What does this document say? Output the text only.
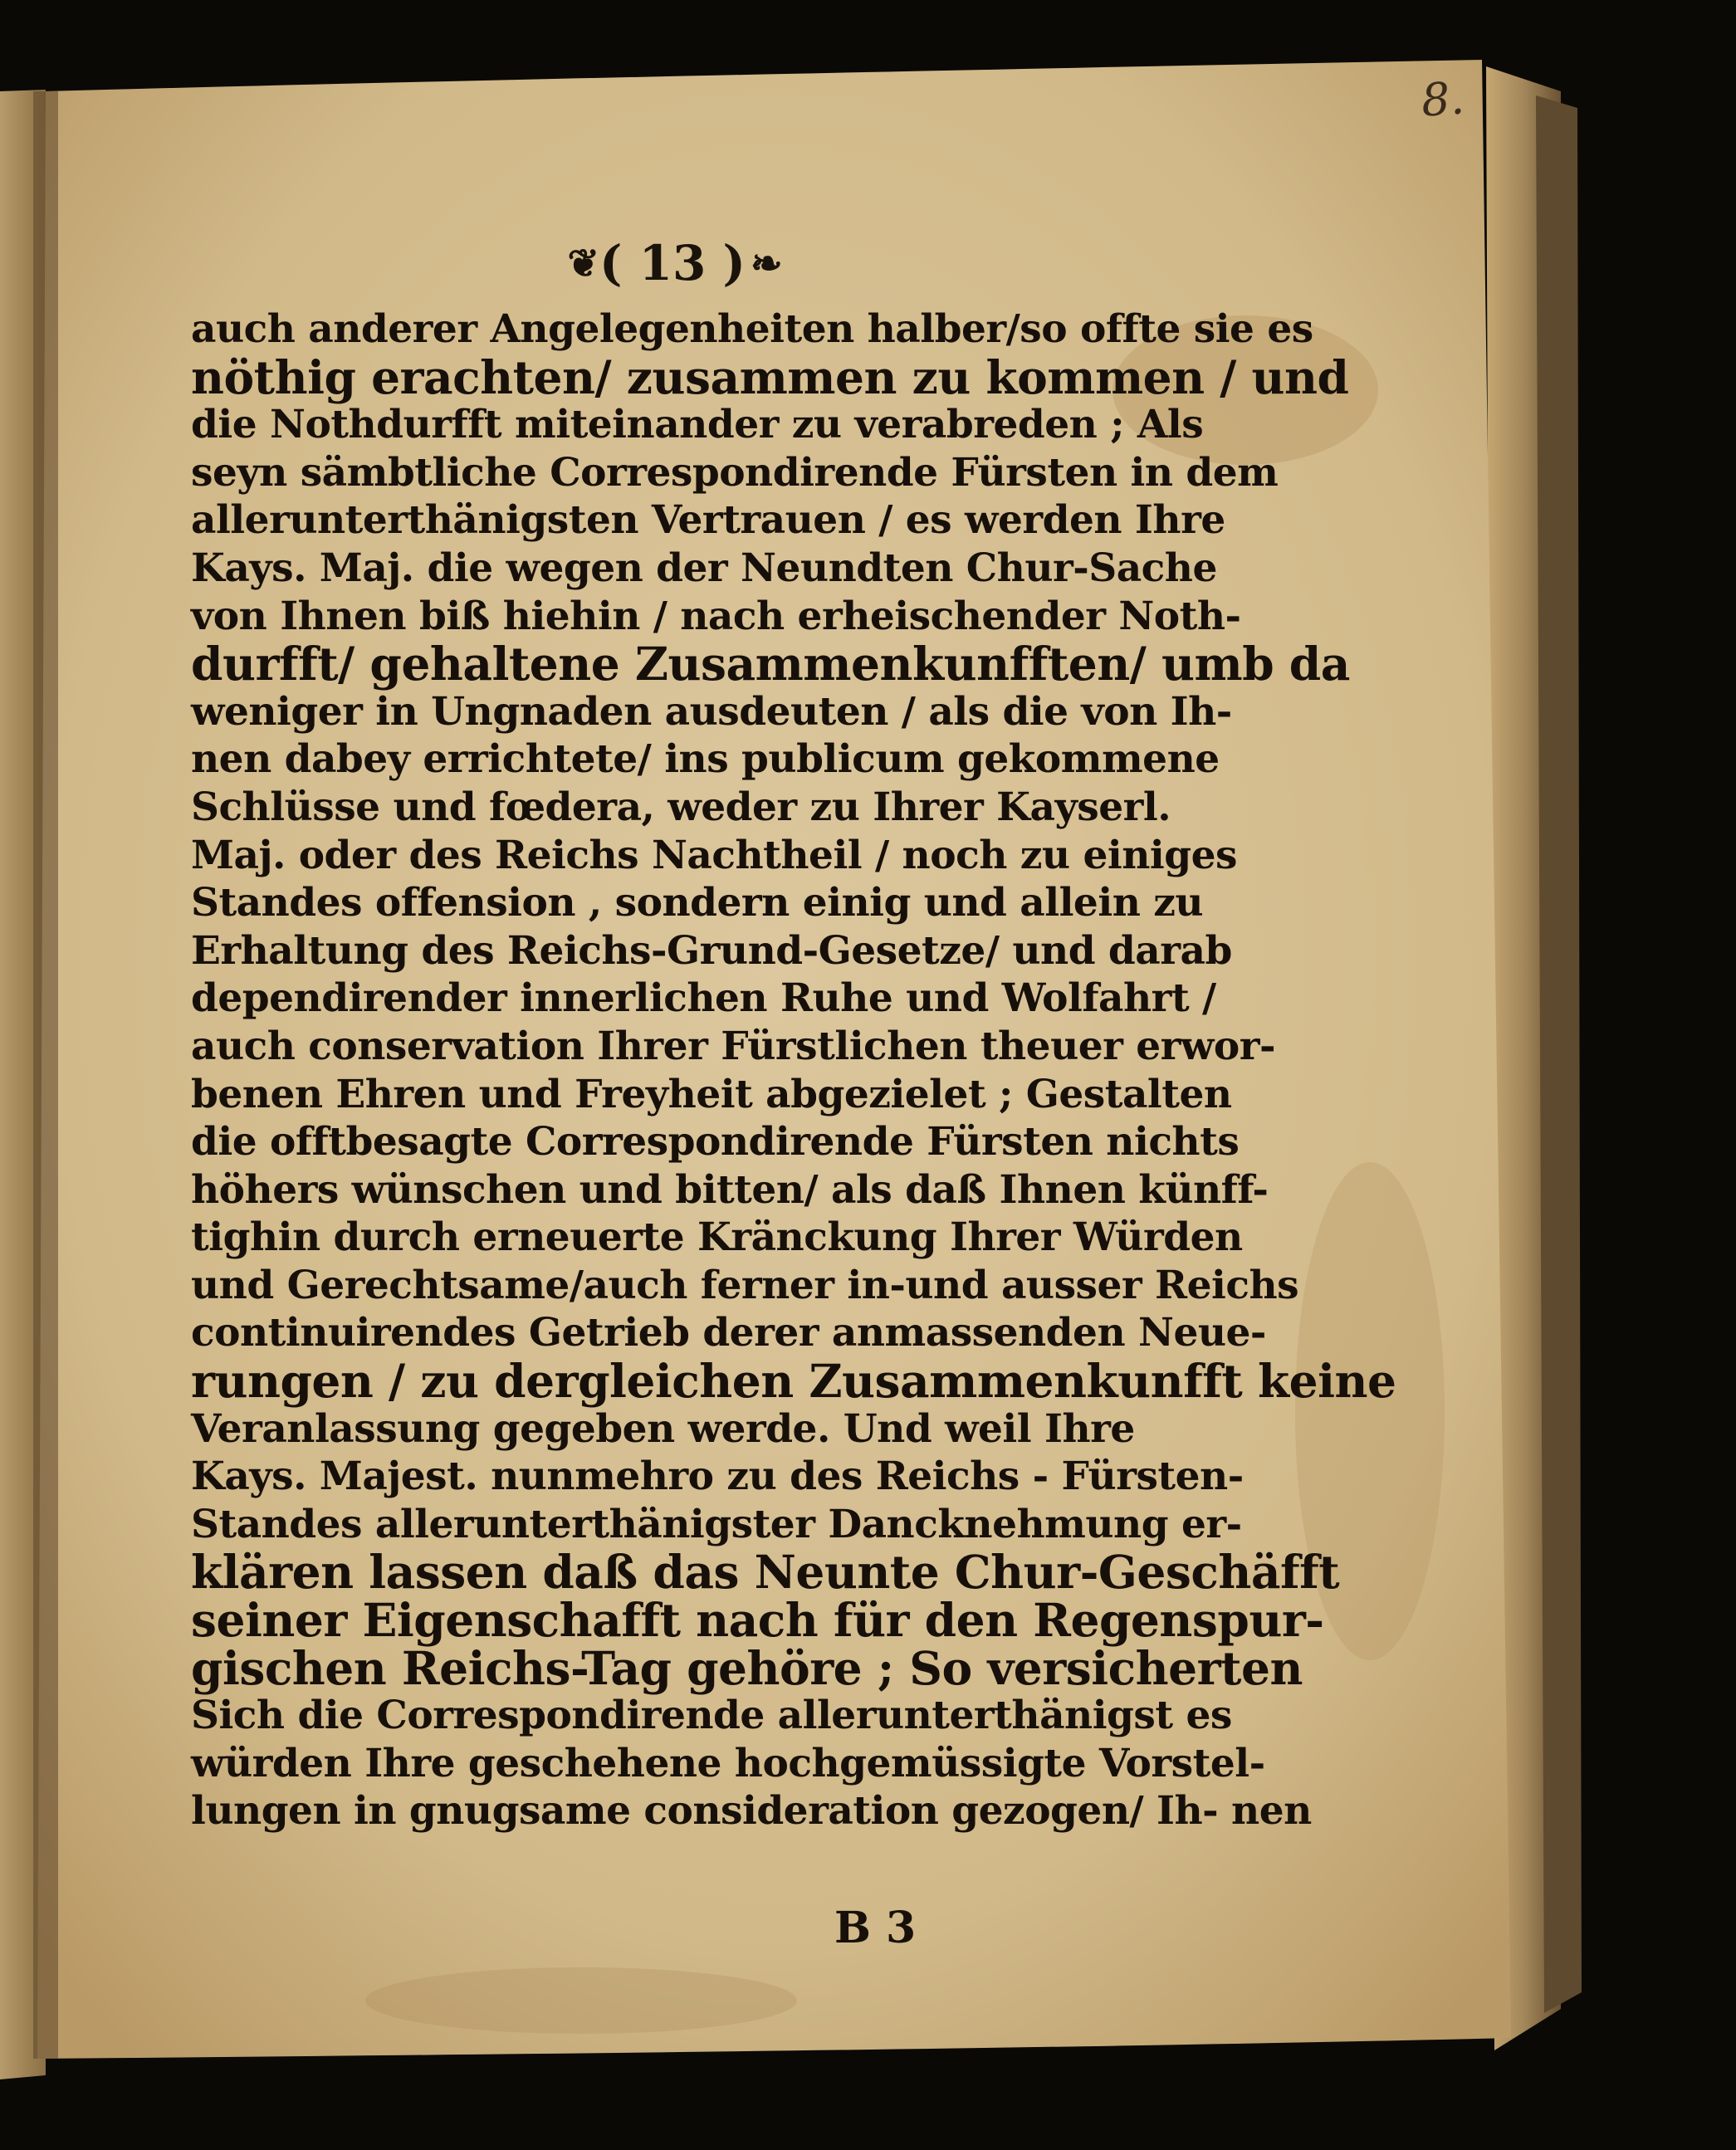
8.
❦ ( 13 ) ❧
auch anderer Angelegenheiten halber/so offte sie es
nöthig erachten/ zusammen zu kommen / und
die Nothdurfft miteinander zu verabreden ; Als
seyn sämbtliche Correspondirende Fürsten in dem
allerunterthänigsten Vertrauen / es werden Ihre
Kays. Maj. die wegen der Neundten Chur-Sache
von Ihnen biß hiehin / nach erheischender Noth-
durfft/ gehaltene Zusammenkunfften/ umb da
weniger in Ungnaden ausdeuten / als die von Ih-
nen dabey errichtete/ ins publicum gekommene
Schlüsse und fœdera, weder zu Ihrer Kayserl.
Maj. oder des Reichs Nachtheil / noch zu einiges
Standes offension , sondern einig und allein zu
Erhaltung des Reichs-Grund-Gesetze/ und darab
dependirender innerlichen Ruhe und Wolfahrt /
auch conservation Ihrer Fürstlichen theuer erwor-
benen Ehren und Freyheit abgezielet ; Gestalten
die offtbesagte Correspondirende Fürsten nichts
höhers wünschen und bitten/ als daß Ihnen künff-
tighin durch erneuerte Kränckung Ihrer Würden
und Gerechtsame/auch ferner in-und ausser Reichs
continuirendes Getrieb derer anmassenden Neue-
rungen / zu dergleichen Zusammenkunfft keine
Veranlassung gegeben werde. Und weil Ihre
Kays. Majest. nunmehro zu des Reichs - Fürsten-
Standes allerunterthänigster Dancknehmung er-
klären lassen daß das Neunte Chur-Geschäfft
seiner Eigenschafft nach für den Regenspur-
gischen Reichs-Tag gehöre ; So versicherten
Sich die Correspondirende allerunterthänigst es
würden Ihre geschehene hochgemüssigte Vorstel-
lungen in gnugsame consideration gezogen/ Ih- nen
B 3
